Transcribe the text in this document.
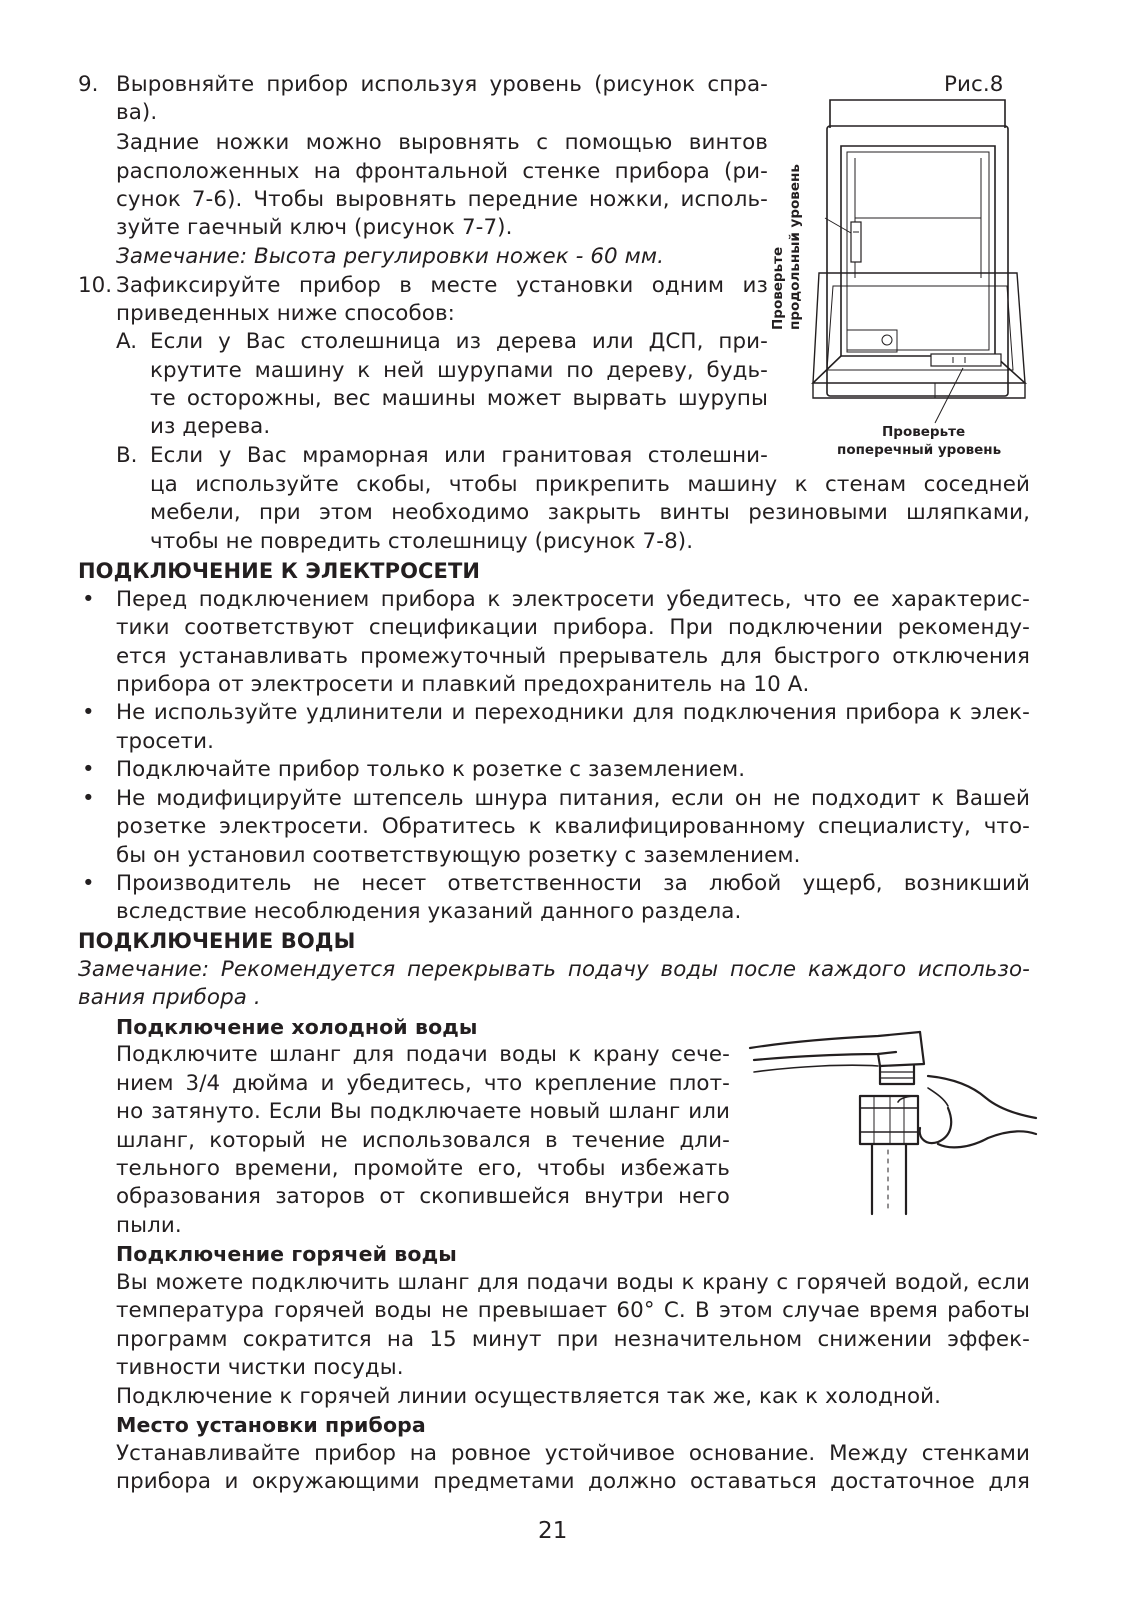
9. Выровняйте прибор используя уровень (рисунок спра-
ва).
Задние ножки можно выровнять с помощью винтов
расположенных на фронтальной стенке прибора (ри-
сунок 7-6). Чтобы выровнять передние ножки, исполь-
зуйте гаечный ключ (рисунок 7-7).
Замечание: Высота регулировки ножек - 60 мм.
10. Зафиксируйте прибор в месте установки одним из
приведенных ниже способов:
A. Если у Вас столешница из дерева или ДСП, при-
крутите машину к ней шурупами по дереву, будь-
те осторожны, вес машины может вырвать шурупы
из дерева.
B. Если у Вас мраморная или гранитовая столешни-
ца используйте скобы, чтобы прикрепить машину к стенам соседней
мебели, при этом необходимо закрыть винты резиновыми шляпками,
чтобы не повредить столешницу (рисунок 7-8).
Рис.8
Проверьте продольный уровень
Проверьте
поперечный уровень
ПОДКЛЮЧЕНИЕ К ЭЛЕКТРОСЕТИ
• Перед подключением прибора к электросети убедитесь, что ее характерис-
тики соответствуют спецификации прибора. При подключении рекоменду-
ется устанавливать промежуточный прерыватель для быстрого отключения
прибора от электросети и плавкий предохранитель на 10 А.
• Не используйте удлинители и переходники для подключения прибора к элек-
тросети.
• Подключайте прибор только к розетке с заземлением.
• Не модифицируйте штепсель шнура питания, если он не подходит к Вашей
розетке электросети. Обратитесь к квалифицированному специалисту, что-
бы он установил соответствующую розетку с заземлением.
• Производитель не несет ответственности за любой ущерб, возникший
вследствие несоблюдения указаний данного раздела.
ПОДКЛЮЧЕНИЕ ВОДЫ
Замечание: Рекомендуется перекрывать подачу воды после каждого использо-
вания прибора .
Подключение холодной воды
Подключите шланг для подачи воды к крану сече-
нием 3/4 дюйма и убедитесь, что крепление плот-
но затянуто. Если Вы подключаете новый шланг или
шланг, который не использовался в течение дли-
тельного времени, промойте его, чтобы избежать
образования заторов от скопившейся внутри него
пыли.
Подключение горячей воды
Вы можете подключить шланг для подачи воды к крану с горячей водой, если
температура горячей воды не превышает 60° С. В этом случае время работы
программ сократится на 15 минут при незначительном снижении эффек-
тивности чистки посуды.
Подключение к горячей линии осуществляется так же, как к холодной.
Место установки прибора
Устанавливайте прибор на ровное устойчивое основание. Между стенками
прибора и окружающими предметами должно оставаться достаточное для
21
